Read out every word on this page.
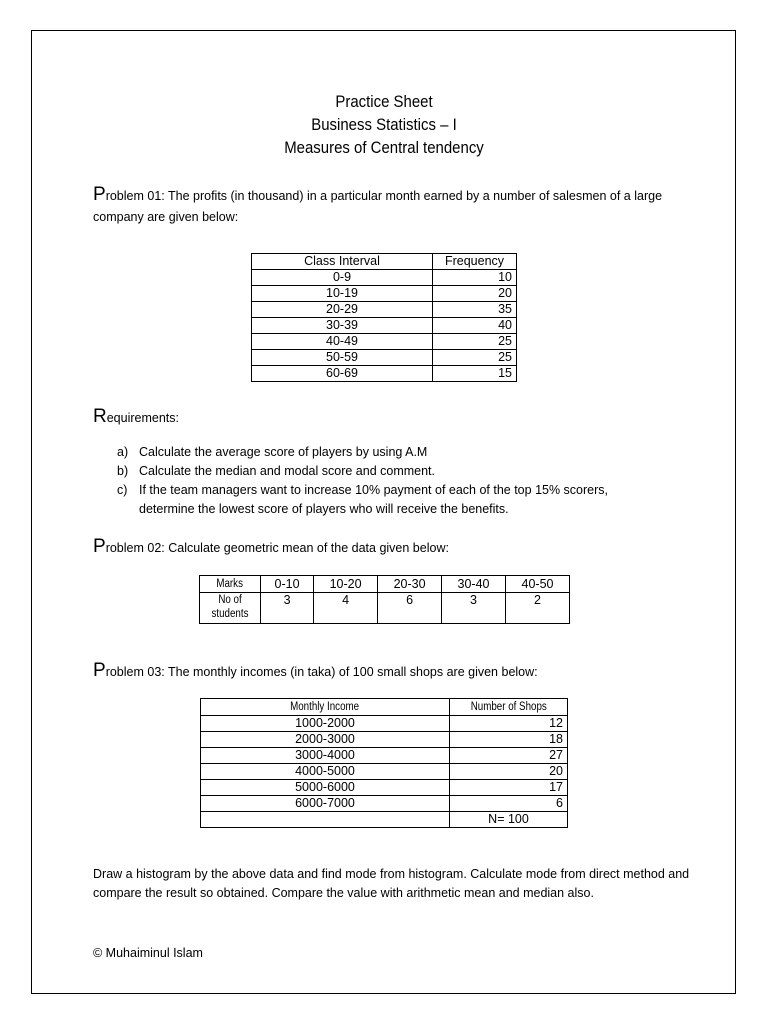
Practice Sheet
Business Statistics – I
Measures of Central tendency
Problem 01: The profits (in thousand) in a particular month earned by a number of salesmen of a large company are given below:
Class Interval	Frequency
0-9	10
10-19	20
20-29	35
30-39	40
40-49	25
50-59	25
60-69	15
Requirements:
a) Calculate the average score of players by using A.M
b) Calculate the median and modal score and comment.
c) If the team managers want to increase 10% payment of each of the top 15% scorers, determine the lowest score of players who will receive the benefits.
Problem 02: Calculate geometric mean of the data given below:
Marks	0-10	10-20	20-30	30-40	40-50
No of students	3	4	6	3	2
Problem 03: The monthly incomes (in taka) of 100 small shops are given below:
Monthly Income	Number of Shops
1000-2000	12
2000-3000	18
3000-4000	27
4000-5000	20
5000-6000	17
6000-7000	6
	N= 100
Draw a histogram by the above data and find mode from histogram. Calculate mode from direct method and compare the result so obtained. Compare the value with arithmetic mean and median also.
© Muhaiminul Islam
